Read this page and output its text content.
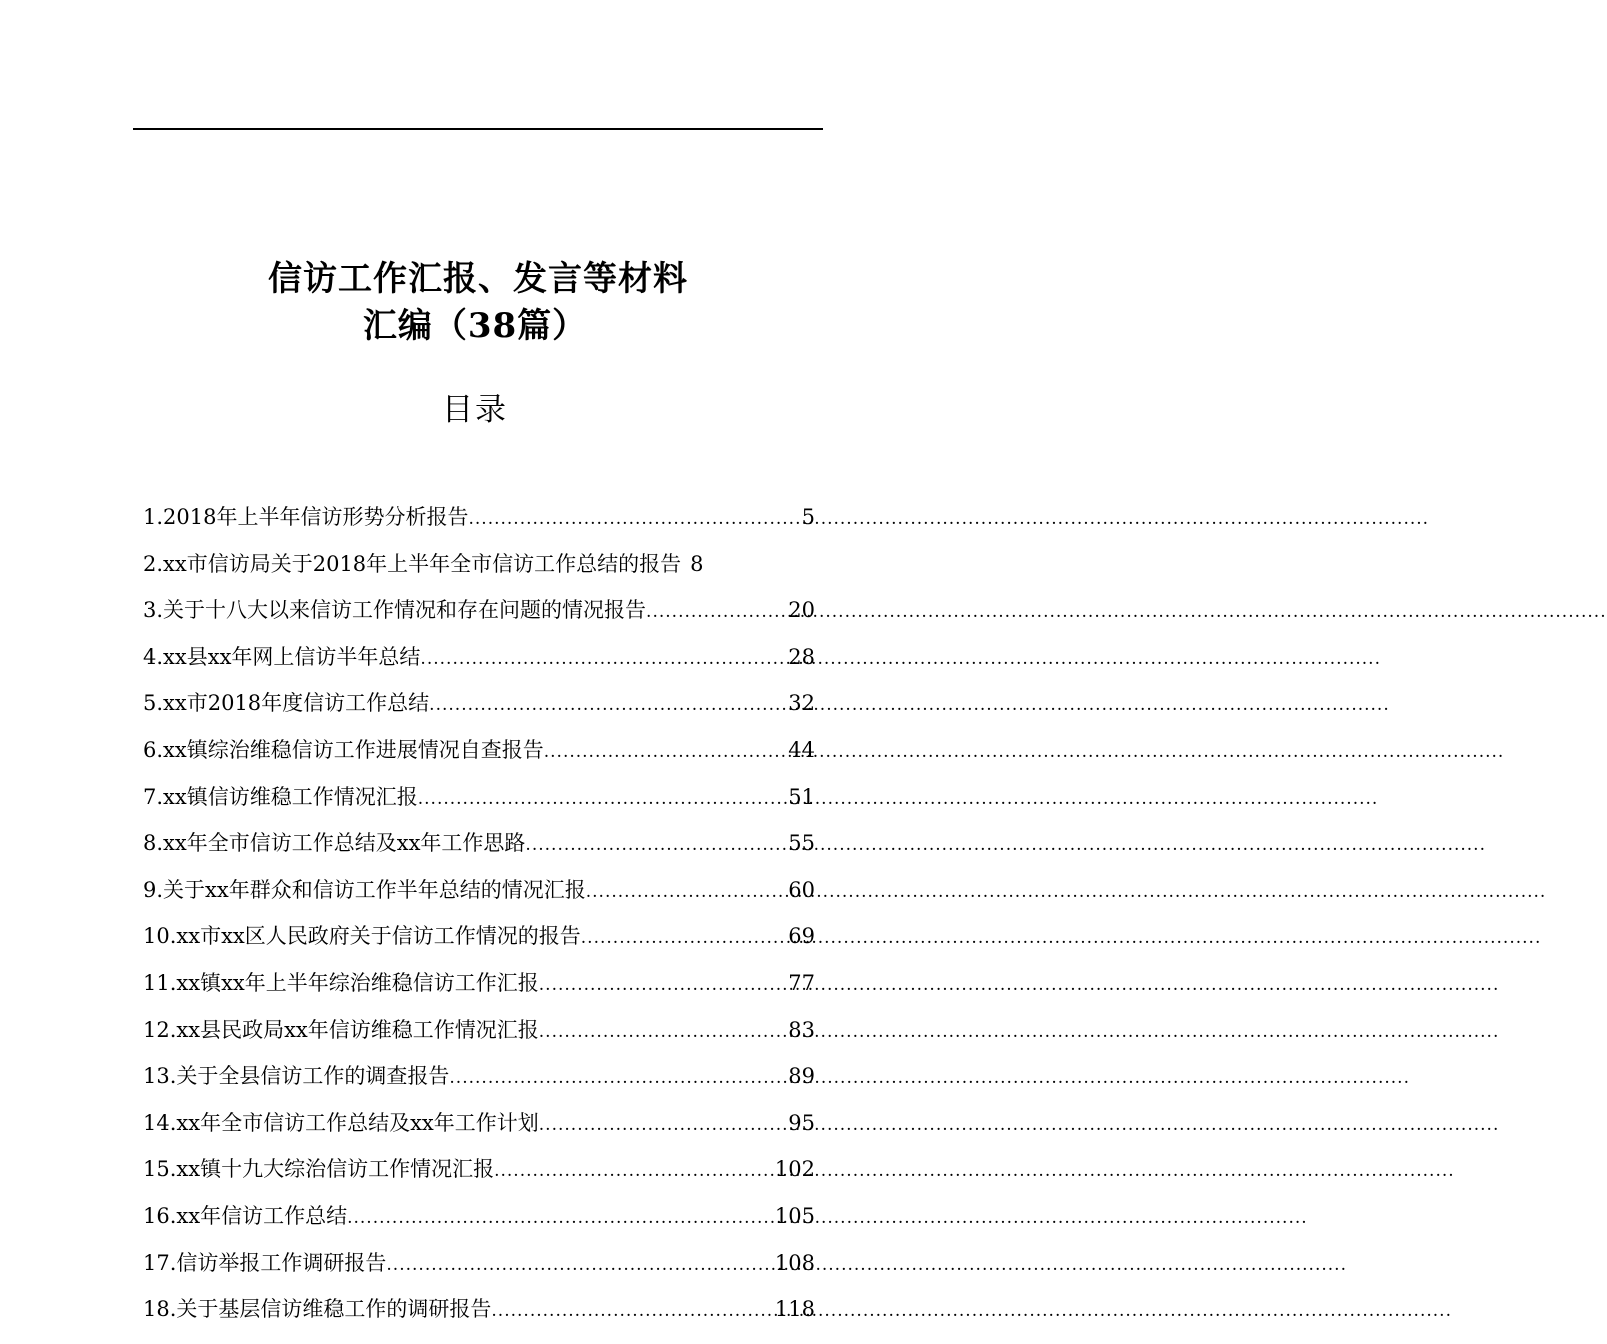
信访工作汇报、发言等材料
汇编（38篇）
目录
1.2018年上半年信访形势分析报告 .....	5
2.xx市信访局关于2018年上半年全市信访工作总结的报告 8
3.关于十八大以来信访工作情况和存在问题的情况报告 .....	20
4.xx县xx年网上信访半年总结 .....	28
5.xx市2018年度信访工作总结 .....	32
6.xx镇综治维稳信访工作进展情况自查报告 .....	44
7.xx镇信访维稳工作情况汇报 .....	51
8.xx年全市信访工作总结及xx年工作思路 .....	55
9.关于xx年群众和信访工作半年总结的情况汇报 .....	60
10.xx市xx区人民政府关于信访工作情况的报告 .....	69
11.xx镇xx年上半年综治维稳信访工作汇报 .....	77
12.xx县民政局xx年信访维稳工作情况汇报 .....	83
13.关于全县信访工作的调查报告 .....	89
14.xx年全市信访工作总结及xx年工作计划 .....	95
15.xx镇十九大综治信访工作情况汇报 .....	102
16.xx年信访工作总结 .....	105
17.信访举报工作调研报告 .....	108
18.关于基层信访维稳工作的调研报告 .....	118
